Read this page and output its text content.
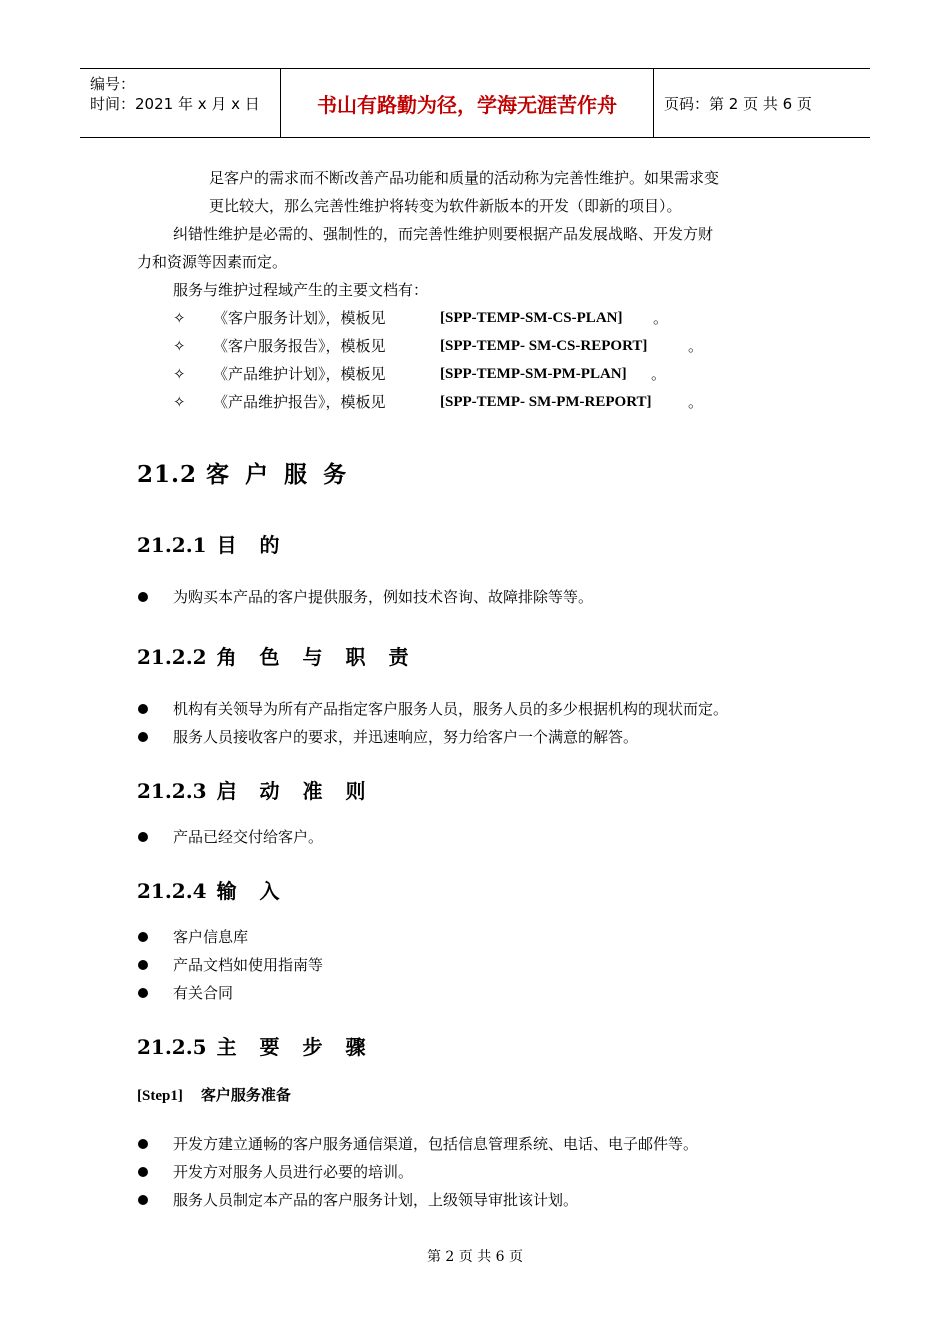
编号：
时间：2021 年 x 月 x 日	书山有路勤为径，学海无涯苦作舟	页码：第 2 页 共 6 页
足客户的需求而不断改善产品功能和质量的活动称为完善性维护。如果需求变
更比较大，那么完善性维护将转变为软件新版本的开发（即新的项目）。
纠错性维护是必需的、强制性的，而完善性维护则要根据产品发展战略、开发方财
力和资源等因素而定。
服务与维护过程域产生的主要文档有：
✧ 《客户服务计划》，模板见	[SPP-TEMP-SM-CS-PLAN] 。
✧ 《客户服务报告》，模板见	[SPP-TEMP- SM-CS-REPORT]	。
✧ 《产品维护计划》，模板见	[SPP-TEMP-SM-PM-PLAN] 。
✧ 《产品维护报告》，模板见	[SPP-TEMP- SM-PM-REPORT] 。
21.2 客 户 服 务
21.2.1 目 的
为购买本产品的客户提供服务，例如技术咨询、故障排除等等。
21.2.2 角 色 与 职 责
机构有关领导为所有产品指定客户服务人员，服务人员的多少根据机构的现状而定。
服务人员接收客户的要求，并迅速响应，努力给客户一个满意的解答。
21.2.3 启 动 准 则
产品已经交付给客户。
21.2.4 输 入
客户信息库
产品文档如使用指南等
有关合同
21.2.5 主 要 步 骤
[Step1] 客户服务准备
开发方建立通畅的客户服务通信渠道，包括信息管理系统、电话、电子邮件等。
开发方对服务人员进行必要的培训。
服务人员制定本产品的客户服务计划，上级领导审批该计划。
第 2 页 共 6 页
